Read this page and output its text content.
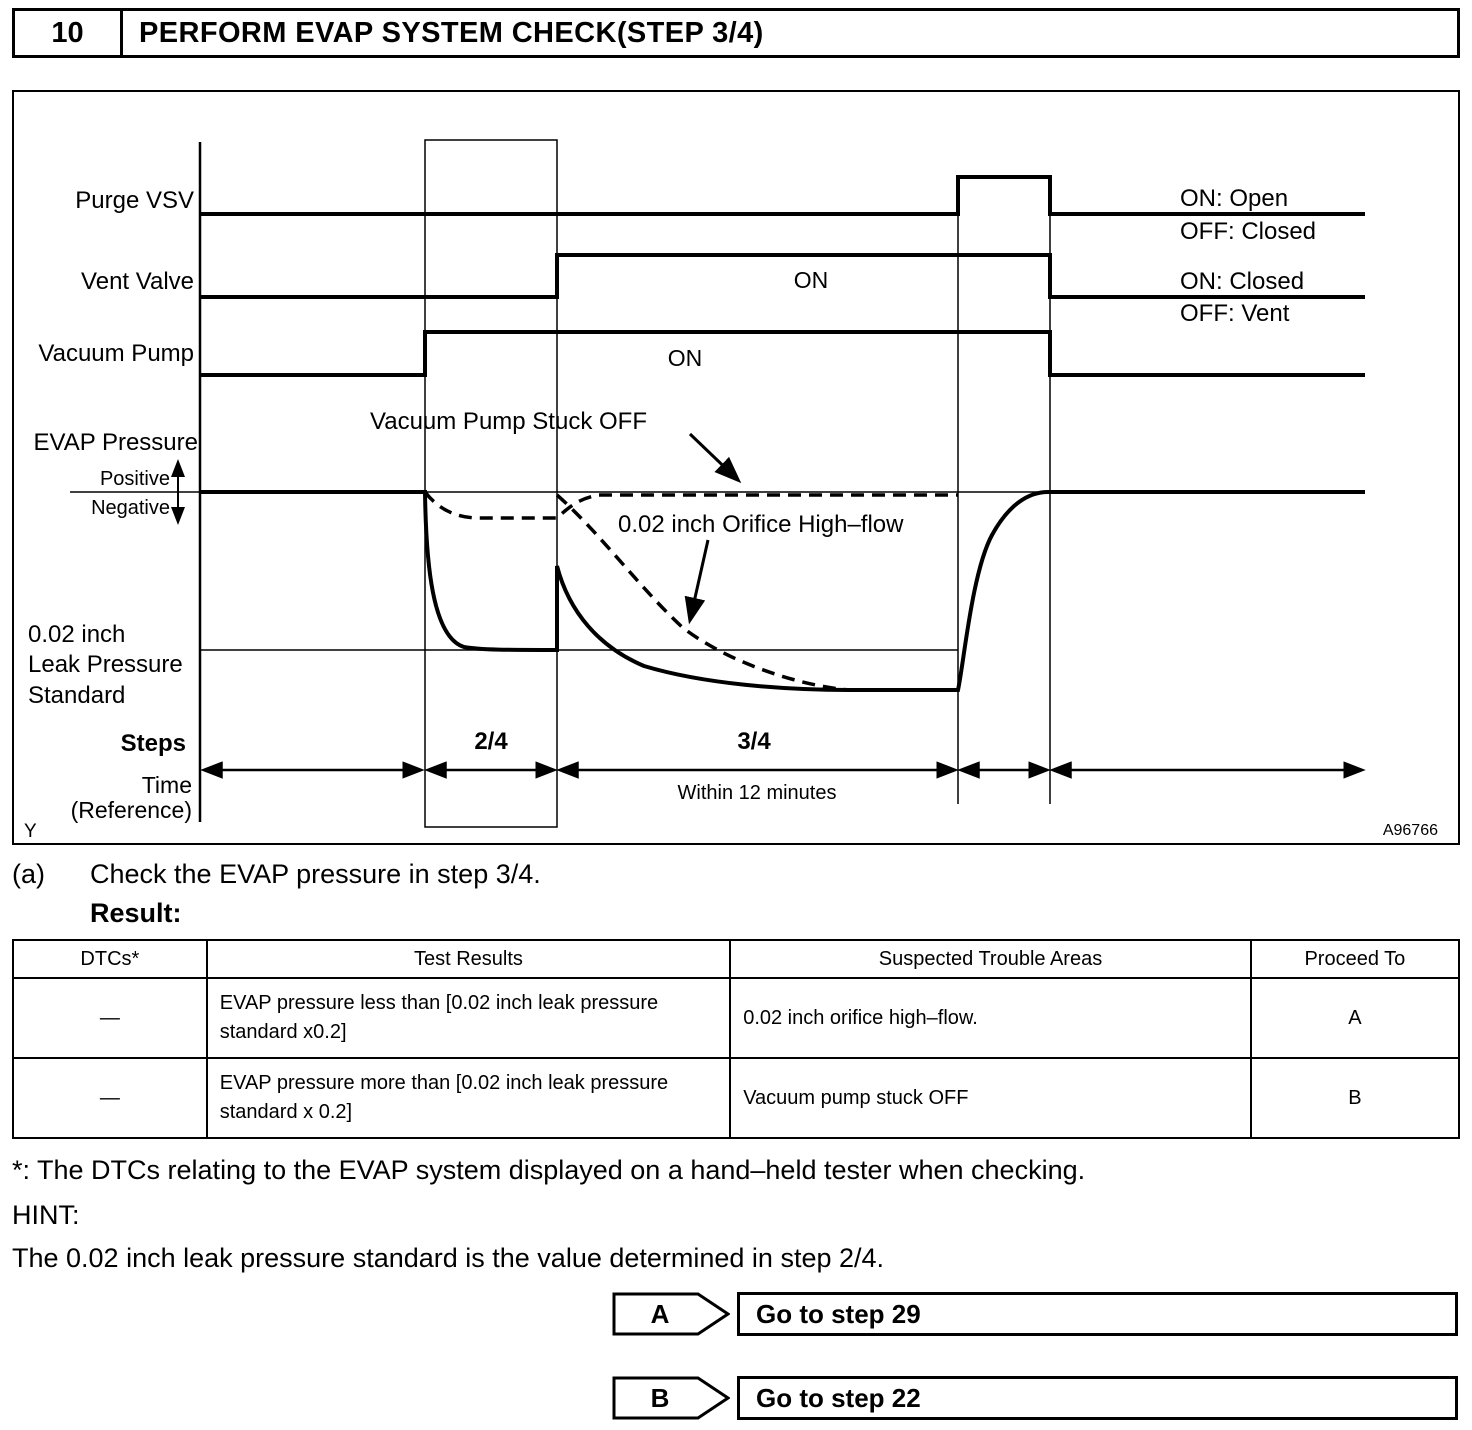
10	PERFORM EVAP SYSTEM CHECK(STEP 3/4)
Purge VSV
Vent Valve
Vacuum Pump
ON: Open
OFF: Closed
ON: Closed
OFF: Vent
ON
ON
EVAP Pressure
Positive
Negative
Vacuum Pump Stuck OFF
0.02 inch Orifice High–flow
0.02 inch
Leak Pressure
Standard
Steps	2/4	3/4
Within 12 minutes
Time
(Reference)
Y	A96766
(a)	Check the EVAP pressure in step 3/4.
Result:
DTCs*	Test Results	Suspected Trouble Areas	Proceed To
—	EVAP pressure less than [0.02 inch leak pressure standard x0.2]	0.02 inch orifice high–flow.	A
—	EVAP pressure more than [0.02 inch leak pressure standard x 0.2]	Vacuum pump stuck OFF	B
*: The DTCs relating to the EVAP system displayed on a hand–held tester when checking.
HINT:
The 0.02 inch leak pressure standard is the value determined in step 2/4.
A	Go to step 29
B	Go to step 22
